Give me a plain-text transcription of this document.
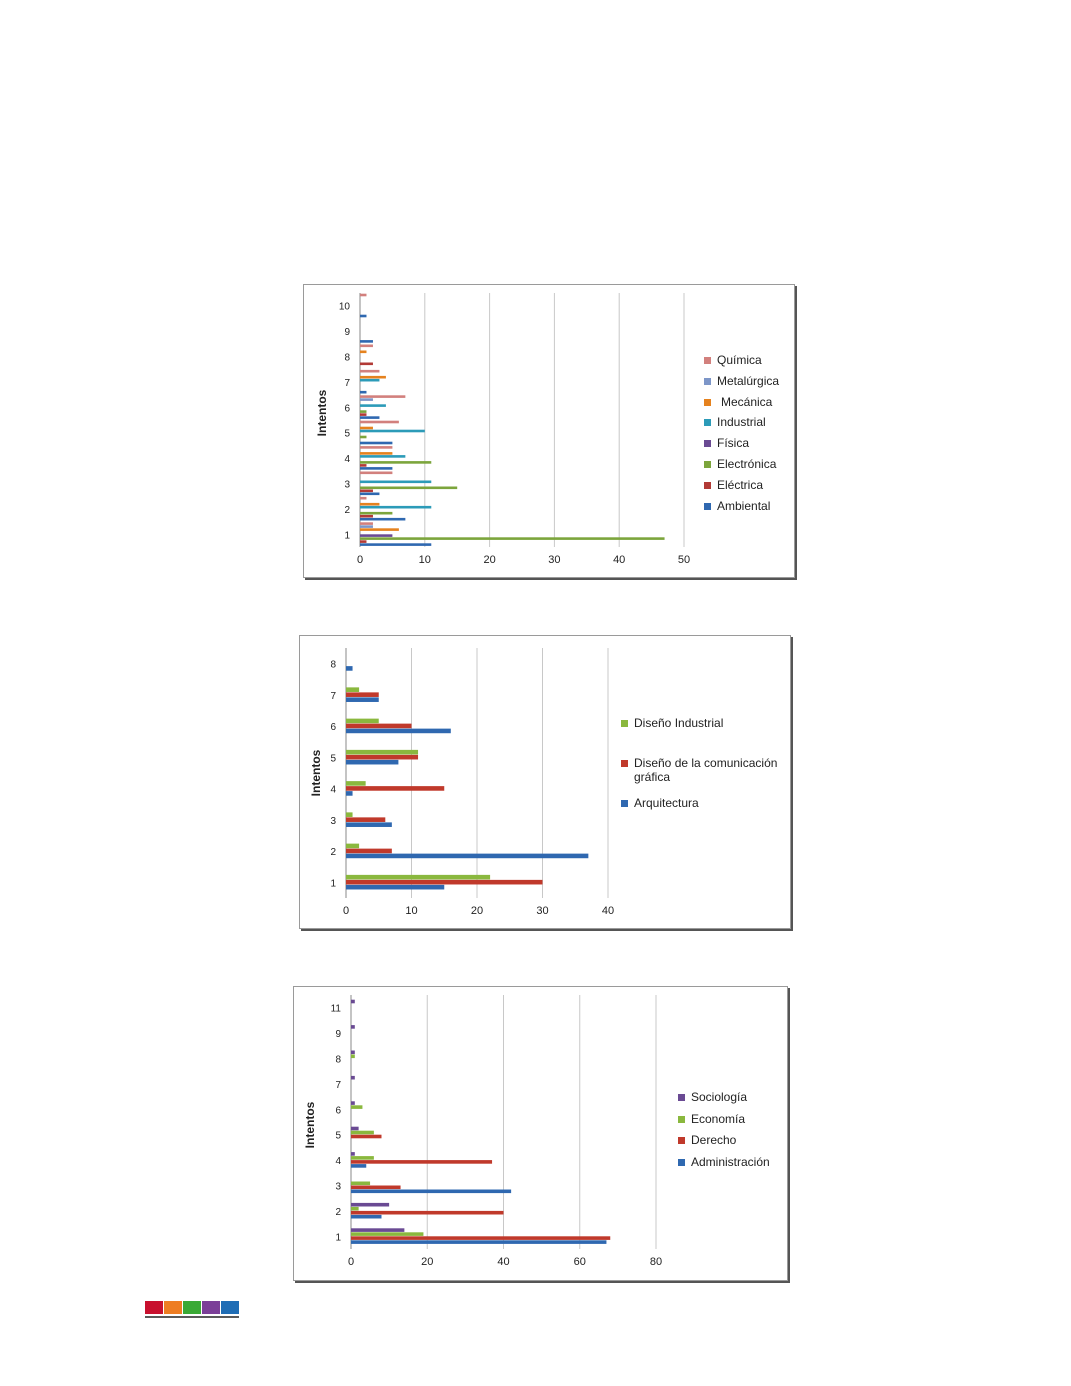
0	10	20	30	40	50
1
2
3
4
5
6
7
8
9
10
Intentos
Química
Metalúrgica
Mecánica
Industrial
Física
Electrónica
Eléctrica
Ambiental
0	10	20	30	40
1
2
3
4
5
6
7
8
Intentos
Diseño Industrial
Diseño de la comunicación gráfica
Arquitectura
0	20	40	60	80
1
2
3
4
5
6
7
8
9
11
Intentos
Sociología
Economía
Derecho
Administración
